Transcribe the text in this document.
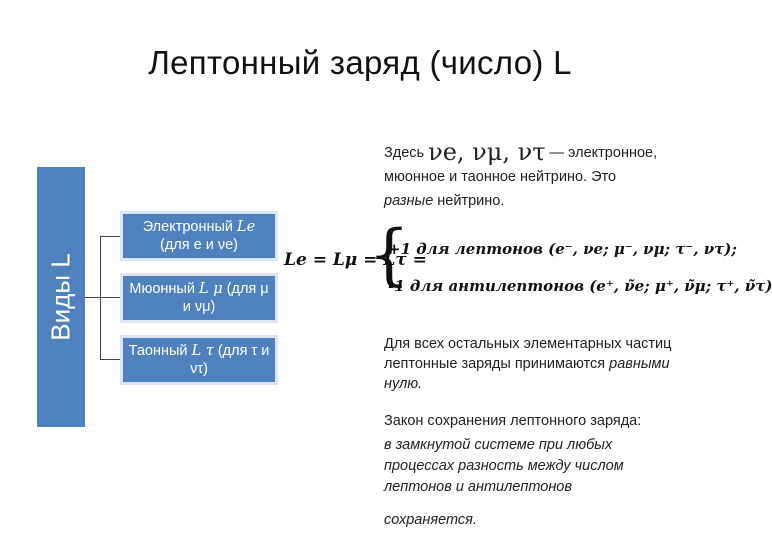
Лептонный заряд (число) L
Виды L
Электронный Le (для e и νe)
Мюонный L μ (для μ и νμ)
Таонный L τ (для τ и ντ)
Le = Lμ = Lτ =
{
+1 для лептонов (e⁻, νe; μ⁻, νμ; τ⁻, ντ);
-1 для антилептонов (e⁺, ν̃e; μ⁺, ν̃μ; τ⁺, ν̃τ)
Здесь νe, νμ, ντ — электронное,
мюонное и таонное нейтрино. Это
разные нейтрино.
Для всех остальных элементарных частиц лептонные заряды принимаются равными нулю.
Закон сохранения лептонного заряда:
в замкнутой системе при любых процессах разность между числом лептонов и антилептонов
сохраняется.
